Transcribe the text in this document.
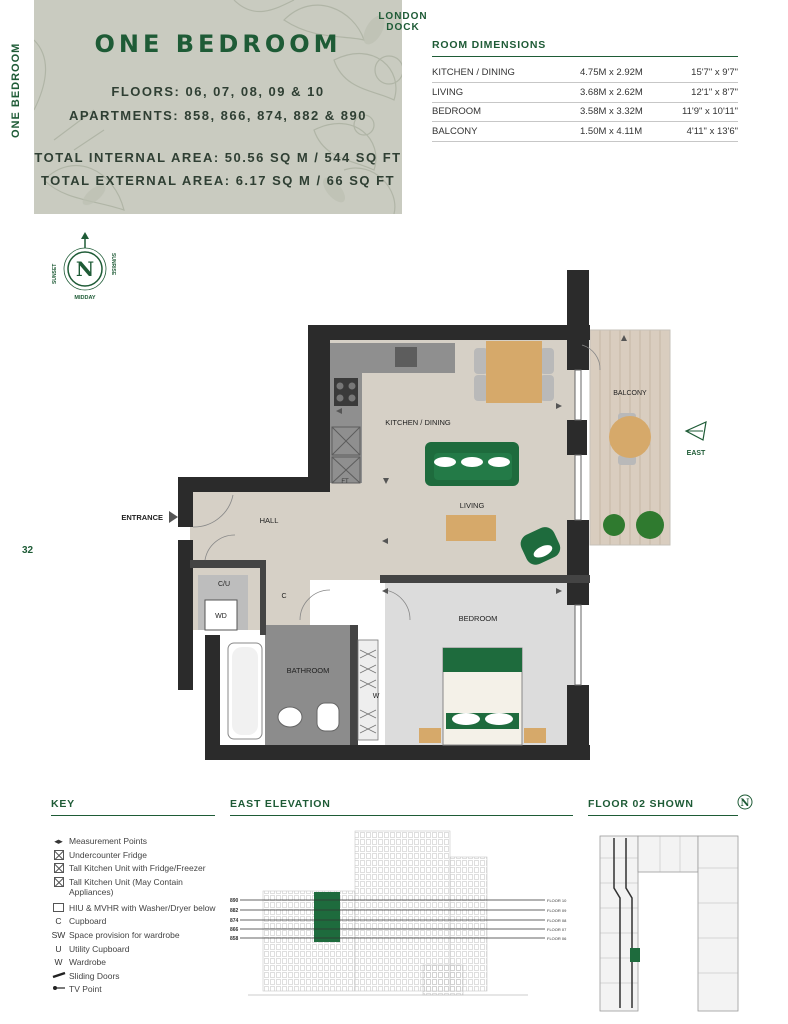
ONE BEDROOM	ONE BEDROOM
FLOORS: 06, 07, 08, 09 & 10
APARTMENTS: 858, 866, 874, 882 & 890
TOTAL INTERNAL AREA: 50.56 SQ M / 544 SQ FT
TOTAL EXTERNAL AREA: 6.17 SQ M / 66 SQ FT
LONDON DOCK
ROOM DIMENSIONS
KITCHEN / DINING	4.75M x 2.92M	15'7" x 9'7"
LIVING	3.68M x 2.62M	12'1" x 8'7"
BEDROOM	3.58M x 3.32M	11'9" x 10'11"
BALCONY	1.50M x 4.11M	4'11" x 13'6"
32
N
SUNSET	SUNRISE
MIDDAY
FT
BATHROOM
C/U
WD
C
W
KITCHEN / DINING
LIVING
BALCONY
HALL
BEDROOM
ENTRANCE
EAST
KEY
◂▸ Measurement Points
Undercounter Fridge
Tall Kitchen Unit with Fridge/Freezer
Tall Kitchen Unit (May Contain Appliances)
HIU & MVHR with Washer/Dryer below
C Cupboard
SW Space provision for wardrobe
U Utility Cupboard
W Wardrobe
Sliding Doors
TV Point
EAST ELEVATION
890
882
874
866
858
FLOOR 10
FLOOR 09
FLOOR 08
FLOOR 07
FLOOR 06
FLOOR 02 SHOWN	N
